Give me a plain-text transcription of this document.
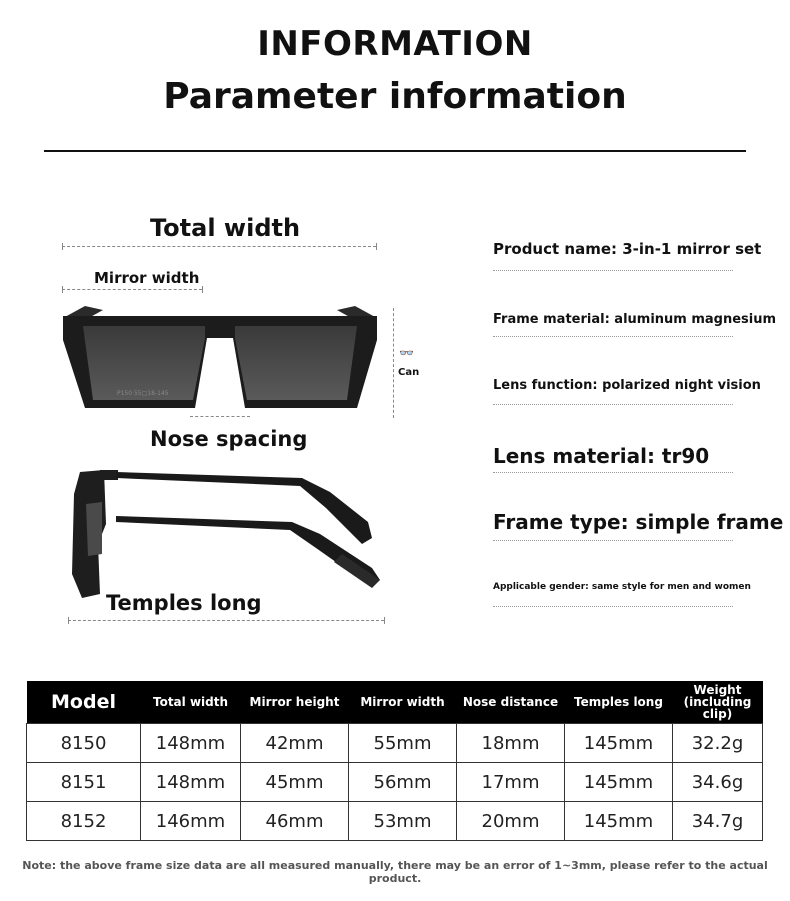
INFORMATION
Parameter information
Total width
Mirror width
👓
Can
P150 55□18-145
Nose spacing
Temples long
Product name: 3-in-1 mirror set
Frame material: aluminum magnesium
Lens function: polarized night vision
Lens material: tr90
Frame type: simple frame
Applicable gender: same style for men and women
Model	Total width	Mirror height	Mirror width	Nose distance	Temples long	Weight (including clip)
8150	148mm	42mm	55mm	18mm	145mm	32.2g
8151	148mm	45mm	56mm	17mm	145mm	34.6g
8152	146mm	46mm	53mm	20mm	145mm	34.7g
Note: the above frame size data are all measured manually, there may be an error of 1~3mm, please refer to the actual product.
